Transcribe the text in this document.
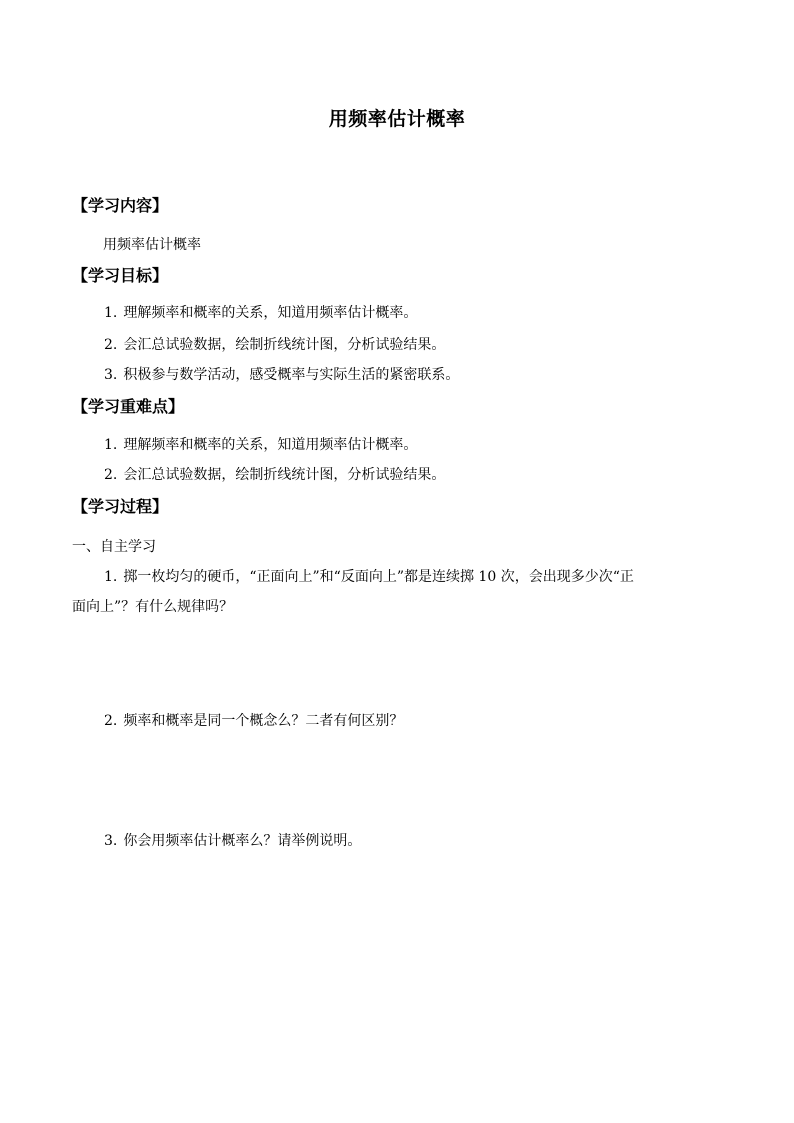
用频率估计概率
【学习内容】
用频率估计概率
【学习目标】
1. 理解频率和概率的关系，知道用频率估计概率。
2. 会汇总试验数据，绘制折线统计图，分析试验结果。
3. 积极参与数学活动，感受概率与实际生活的紧密联系。
【学习重难点】
1. 理解频率和概率的关系，知道用频率估计概率。
2. 会汇总试验数据，绘制折线统计图，分析试验结果。
【学习过程】
一、自主学习
1. 掷一枚均匀的硬币，“正面向上”和“反面向上”都是连续掷 10 次，会出现多少次“正
面向上”？有什么规律吗？
2. 频率和概率是同一个概念么？二者有何区别？
3. 你会用频率估计概率么？请举例说明。
